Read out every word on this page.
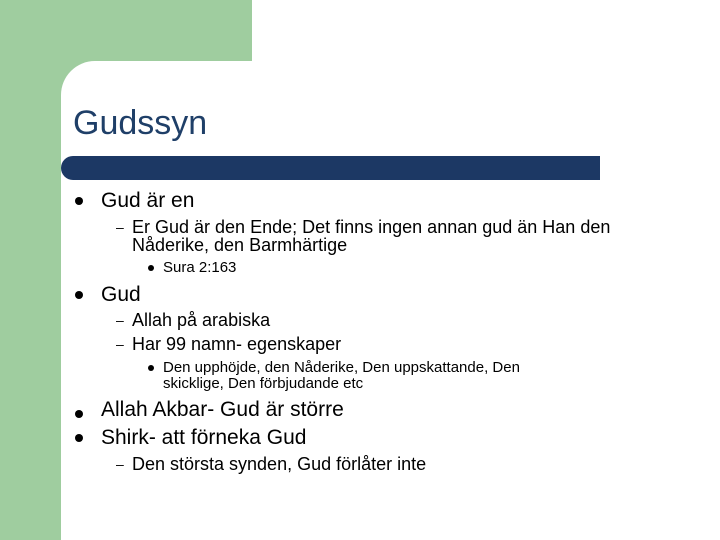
Gudssyn
Gud är en
– Er Gud är den Ende; Det finns ingen annan gud än Han den
Nåderike, den Barmhärtige
Sura 2:163
Gud
– Allah på arabiska
– Har 99 namn- egenskaper
Den upphöjde, den Nåderike, Den uppskattande, Den
skicklige, Den förbjudande etc
Allah Akbar- Gud är större
Shirk- att förneka Gud
– Den största synden, Gud förlåter inte
